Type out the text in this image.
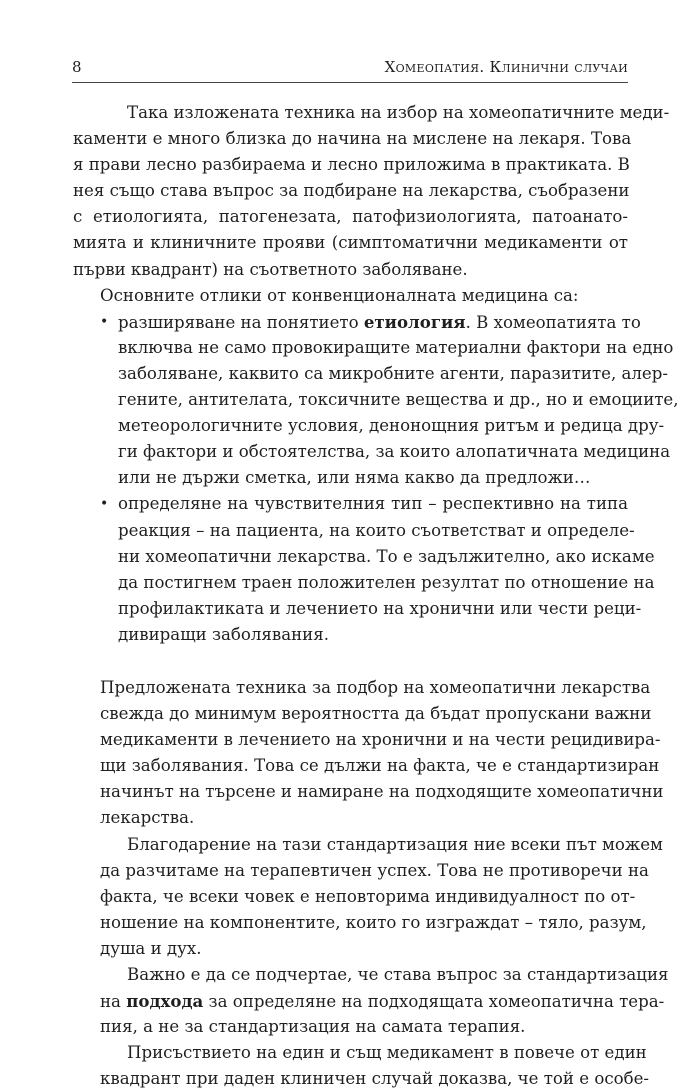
8	Хомеопатия. Клинични случаи
Така изложената техника на избор на хомеопатичните меди-
каменти е много близка до начина на мислене на лекаря. Това
я прави лесно разбираема и лесно приложима в практиката. В
нея също става въпрос за подбиране на лекарства, съобразени
с етиологията, патогенезата, патофизиологията, патоанато-
мията и клиничните прояви (симптоматични медикаменти от
първи квадрант) на съответното заболяване.
Основните отлики от конвенционалната медицина са:
• разширяване на понятието етиология. В хомеопатията то
включва не само провокиращите материални фактори на едно
заболяване, каквито са микробните агенти, паразитите, алер-
гените, антителата, токсичните вещества и др., но и емоциите,
метеорологичните условия, денонощния ритъм и редица дру-
ги фактори и обстоятелства, за които алопатичната медицина
или не държи сметка, или няма какво да предложи…
• определяне на чувствителния тип – респективно на типа
реакция – на пациента, на които съответстват и определе-
ни хомеопатични лекарства. То е задължително, ако искаме
да постигнем траен положителен резултат по отношение на
профилактиката и лечението на хронични или чести реци-
дивиращи заболявания.
Предложената техника за подбор на хомеопатични лекарства
свежда до минимум вероятността да бъдат пропускани важни
медикаменти в лечението на хронични и на чести рецидивира-
щи заболявания. Това се дължи на факта, че е стандартизиран
начинът на търсене и намиране на подходящите хомеопатични
лекарства.
Благодарение на тази стандартизация ние всеки път можем
да разчитаме на терапевтичен успех. Това не противоречи на
факта, че всеки човек е неповторима индивидуалност по от-
ношение на компонентите, които го изграждат – тяло, разум,
душа и дух.
Важно е да се подчертае, че става въпрос за стандартизация
на подхода за определяне на подходящата хомеопатична тера-
пия, а не за стандартизация на самата терапия.
Присъствието на един и същ медикамент в повече от един
квадрант при даден клиничен случай доказва, че той е особе-
